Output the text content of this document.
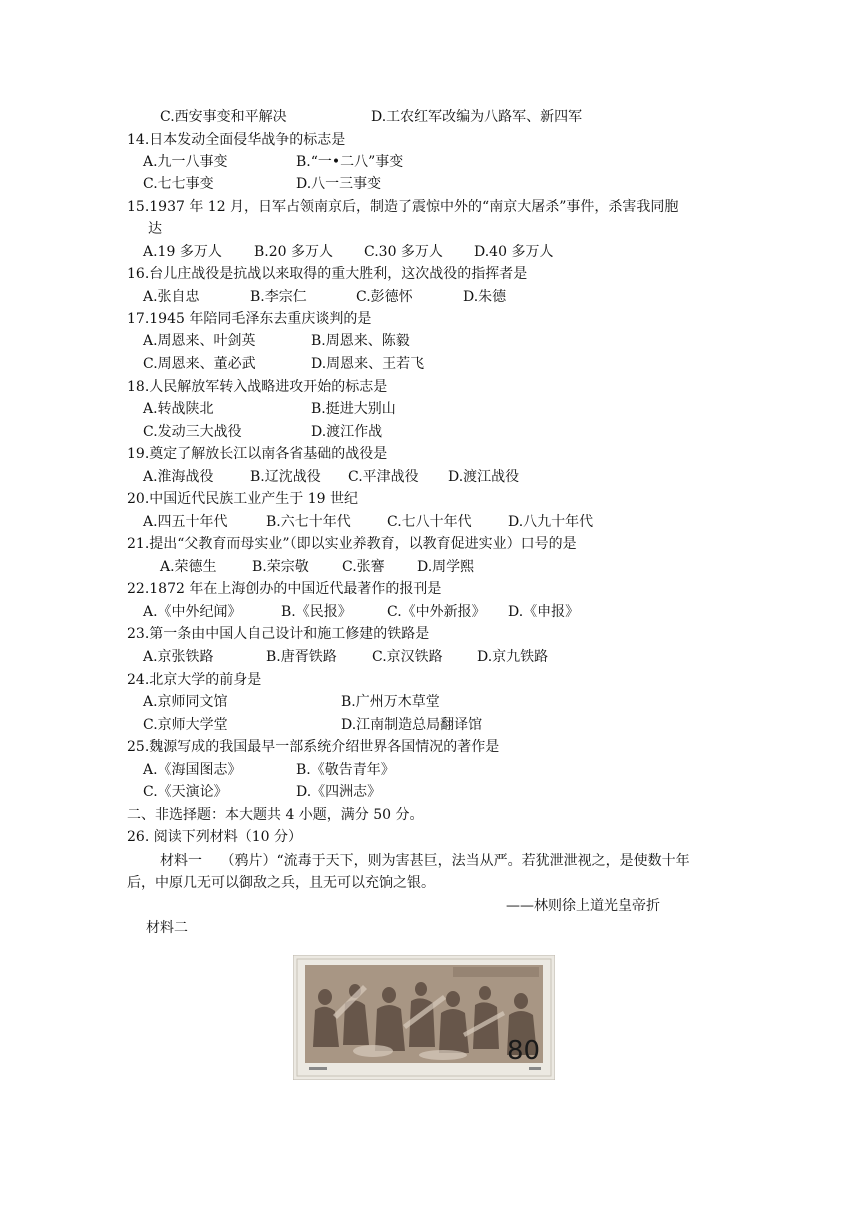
C.西安事变和平解决	D.工农红军改编为八路军、新四军
14.日本发动全面侵华战争的标志是
A.九一八事变	B.“一•二八”事变
C.七七事变	D.八一三事变
15.1937 年 12 月，日军占领南京后，制造了震惊中外的“南京大屠杀”事件，杀害我同胞
达
A.19 多万人 B.20 多万人 C.30 多万人 D.40 多万人
16.台儿庄战役是抗战以来取得的重大胜利，这次战役的指挥者是
A.张自忠	B.李宗仁	C.彭德怀	D.朱德
17.1945 年陪同毛泽东去重庆谈判的是
A.周恩来、叶剑英	B.周恩来、陈毅
C.周恩来、董必武	D.周恩来、王若飞
18.人民解放军转入战略进攻开始的标志是
A.转战陕北	B.挺进大别山
C.发动三大战役	D.渡江作战
19.奠定了解放长江以南各省基础的战役是
A.淮海战役	B.辽沈战役 C.平津战役 D.渡江战役
20.中国近代民族工业产生于 19 世纪
A.四五十年代	B.六七十年代	C.七八十年代	D.八九十年代
21.提出“父教育而母实业”（即以实业养教育，以教育促进实业）口号的是
A.荣德生	B.荣宗敬 C.张謇 D.周学熙
22.1872 年在上海创办的中国近代最著作的报刊是
A.《中外纪闻》	B.《民报》	C.《中外新报》 D.《申报》
23.第一条由中国人自己设计和施工修建的铁路是
A.京张铁路	B.唐胥铁路	C.京汉铁路 D.京九铁路
24.北京大学的前身是
A.京师同文馆	B.广州万木草堂
C.京师大学堂	D.江南制造总局翻译馆
25.魏源写成的我国最早一部系统介绍世界各国情况的著作是
A.《海国图志》	B.《敬告青年》
C.《天演论》	D.《四洲志》
二、非选择题：本大题共 4 小题，满分 50 分。
26. 阅读下列材料（10 分）
材料一　 （鸦片）“流毒于天下，则为害甚巨，法当从严。若犹泄泄视之，是使数十年
后，中原几无可以御敌之兵，且无可以充饷之银。
——林则徐上道光皇帝折
材料二
80
